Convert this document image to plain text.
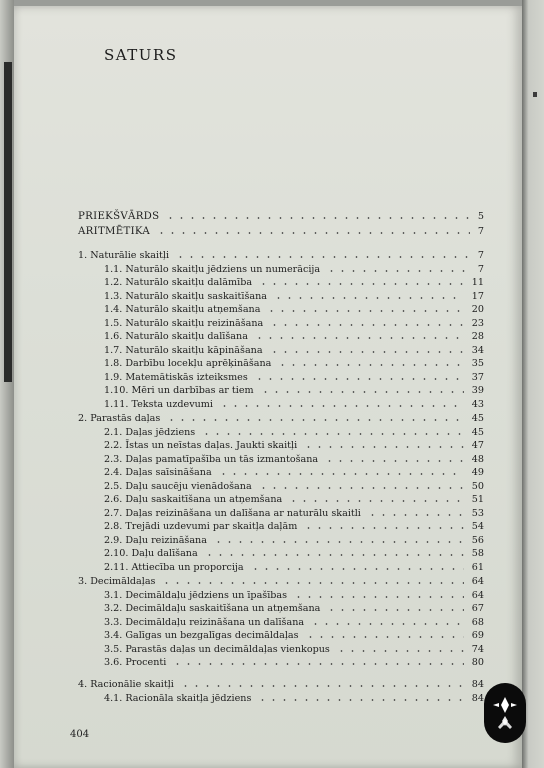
SATURS
PRIEKŠVĀRDS	5
ARITMĒTIKA	7
1. Naturālie skaitļi	7
1.1. Naturālo skaitļu jēdziens un numerācija	7
1.2. Naturālo skaitļu dalāmība	11
1.3. Naturālo skaitļu saskaitīšana	17
1.4. Naturālo skaitļu atņemšana	20
1.5. Naturālo skaitļu reizināšana	23
1.6. Naturālo skaitļu dalīšana	28
1.7. Naturālo skaitļu kāpināšana	34
1.8. Darbību locekļu aprēķināšana	35
1.9. Matemātiskās izteiksmes	37
1.10. Mēri un darbības ar tiem	39
1.11. Teksta uzdevumi	43
2. Parastās daļas	45
2.1. Daļas jēdziens	45
2.2. Īstas un neīstas daļas. Jaukti skaitļi	47
2.3. Daļas pamatīpašība un tās izmantošana	48
2.4. Daļas saīsināšana	49
2.5. Daļu saucēju vienādošana	50
2.6. Daļu saskaitīšana un atņemšana	51
2.7. Daļas reizināšana un dalīšana ar naturālu skaitli	53
2.8. Trejādi uzdevumi par skaitļa daļām	54
2.9. Daļu reizināšana	56
2.10. Daļu dalīšana	58
2.11. Attiecība un proporcija	61
3. Decimāldaļas	64
3.1. Decimāldaļu jēdziens un īpašības	64
3.2. Decimāldaļu saskaitīšana un atņemšana	67
3.3. Decimāldaļu reizināšana un dalīšana	68
3.4. Galīgas un bezgalīgas decimāldaļas	69
3.5. Parastās daļas un decimāldaļas vienkopus	74
3.6. Procenti	80
4. Racionālie skaitļi	84
4.1. Racionāla skaitļa jēdziens	84
404
